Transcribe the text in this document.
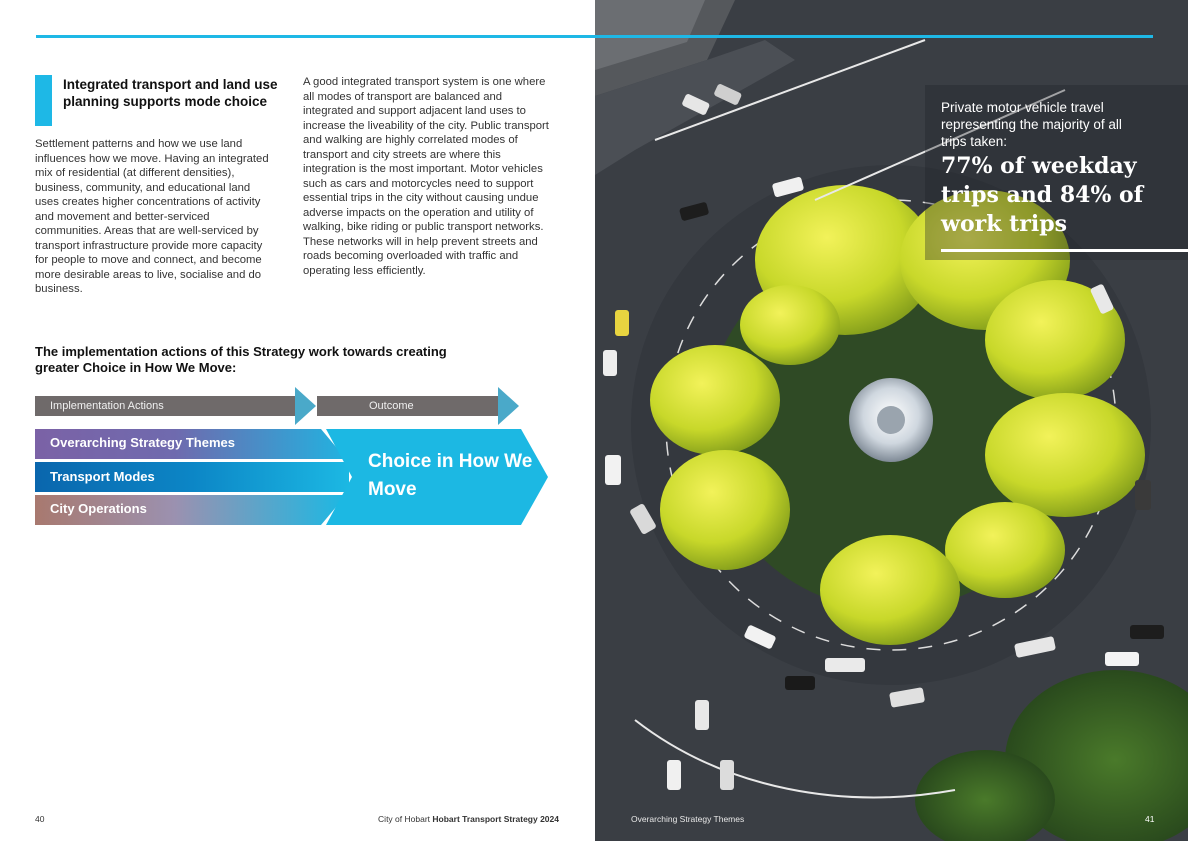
Integrated transport and land use planning supports mode choice

Settlement patterns and how we use land influences how we move. Having an integrated mix of residential (at different densities), business, community, and educational land uses creates higher concentrations of activity and movement and better-serviced communities. Areas that are well-serviced by transport infrastructure provide more capacity for people to move and connect, and become more desirable areas to live, socialise and do business.

A good integrated transport system is one where all modes of transport are balanced and integrated and support adjacent land uses to increase the liveability of the city. Public transport and walking are highly correlated modes of transport and city streets are where this integration is the most important. Motor vehicles such as cars and motorcycles need to support essential trips in the city without causing undue adverse impacts on the operation and utility of walking, bike riding or public transport networks. These networks will in help prevent streets and roads becoming overloaded with traffic and operating less efficiently.

The implementation actions of this Strategy work towards creating greater Choice in How We Move:
Implementation Actions	Outcome
Overarching Strategy Themes
Transport Modes
City Operations

Choice in How We Move

40	City of Hobart Hobart Transport Strategy 2024

Private motor vehicle travel representing the majority of all trips taken:

77% of weekday trips and 84% of work trips

Overarching Strategy Themes	41
